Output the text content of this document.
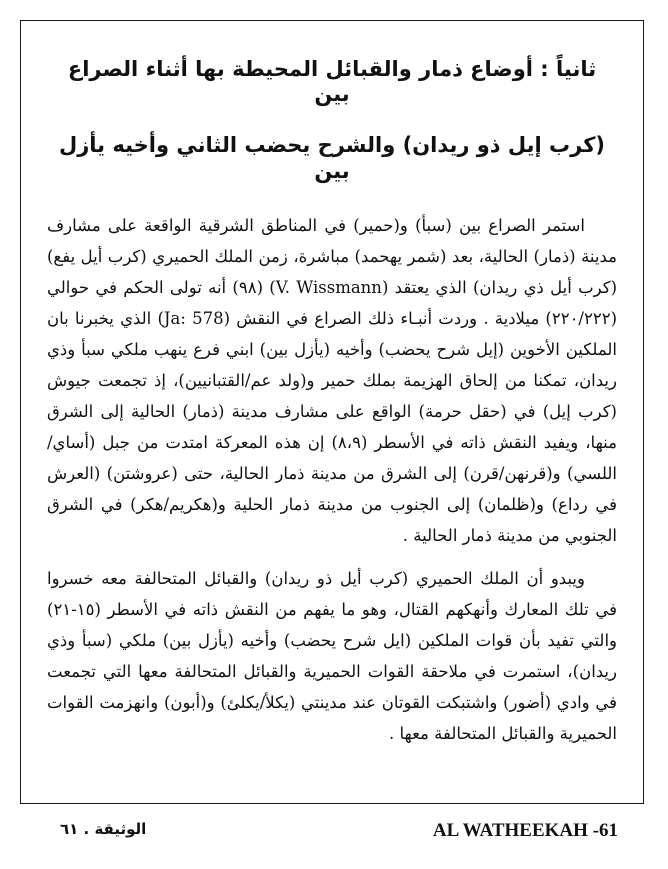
ثانياً : أوضاع ذمار والقبائل المحيطة بها أثناء الصراع بين
(كرب إيل ذو ريدان) والشرح يحضب الثاني وأخيه يأزل بين

استمر الصراع بين (سبأ) و(حمير) في المناطق الشرقية الواقعة على مشارف مدينة (ذمار) الحالية، بعد (شمر يهحمد) مباشرة، زمن الملك الحميري (كرب أيل يفع) (كرب أيل ذي ريدان) الذي يعتقد (V. Wissmann) (٩٨) أنه تولى الحكم في حوالي (٢٢٠/٢٢٢) ميلادية . وردت أنبـاء ذلك الصراع في النقش (Ja: 578) الذي يخبرنا بان الملكين الأخوين (إيل شرح يحضب) وأخيه (يأزل بين) ابني فرع ينهب ملكي سبأ وذي ريدان، تمكنا من إلحاق الهزيمة بملك حمير و(ولد عم/القتبانيين)، إذ تجمعت جيوش (كرب إيل) في (حقل حرمة) الواقع على مشارف مدينة (ذمار) الحالية إلى الشرق منها، ويفيد النقش ذاته في الأسطر (٨،٩) إن هذه المعركة امتدت من جبل (أساي/اللسي) و(قرنهن/قرن) إلى الشرق من مدينة ذمار الحالية، حتى (عروشتن) (العرش في رداع) و(ظلمان) إلى الجنوب من مدينة ذمار الحلية و(هكريم/هكر) في الشرق الجنوبي من مدينة ذمار الحالية .

ويبدو أن الملك الحميري (كرب أيل ذو ريدان) والقبائل المتحالفة معه خسروا في تلك المعارك وأنهكهم القتال، وهو ما يفهم من النقش ذاته في الأسطر (١٥-٢١) والتي تفيد بأن قوات الملكين (ايل شرح يحضب) وأخيه (يأزل بين) ملكي (سبأ وذي ريدان)، استمرت في ملاحقة القوات الحميرية والقبائل المتحالفة معها التي تجمعت في وادي (أضور) واشتبكت القوتان عند مدينتي (يكلأ/يكلئ) و(أبون) وانهزمت القوات الحميرية والقبائل المتحالفة معها .

AL WATHEEKAH -61
الوثيقة . ٦١
